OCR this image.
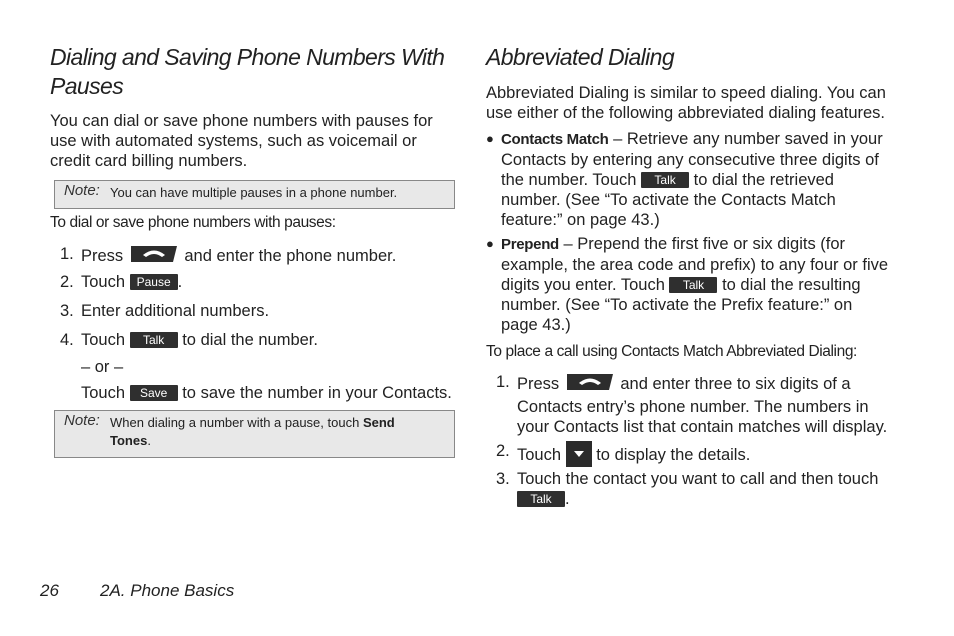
Dialing and Saving Phone Numbers With
Pauses
You can dial or save phone numbers with pauses for
use with automated systems, such as voicemail or
credit card billing numbers.
Note: You can have multiple pauses in a phone number.
To dial or save phone numbers with pauses:
1. Press	and enter the phone number.
2. Touch Pause .
3. Enter additional numbers.
4. Touch Talk to dial the number.
– or –
Touch Save to save the number in your Contacts.
Note: When dialing a number with a pause, touch Send
Tones.
Abbreviated Dialing
Abbreviated Dialing is similar to speed dialing. You can
use either of the following abbreviated dialing features.
● Contacts Match – Retrieve any number saved in your
Contacts by entering any consecutive three digits of
the number. Touch Talk to dial the retrieved
number. (See “To activate the Contacts Match
feature:” on page 43.)
● Prepend – Prepend the first five or six digits (for
example, the area code and prefix) to any four or five
digits you enter. Touch Talk to dial the resulting
number. (See “To activate the Prefix feature:” on
page 43.)
To place a call using Contacts Match Abbreviated Dialing:
1. Press	and enter three to six digits of a
Contacts entry’s phone number. The numbers in
your Contacts list that contain matches will display.
2. Touch to display the details.
3. Touch the contact you want to call and then touch
Talk .
26 2A. Phone Basics
